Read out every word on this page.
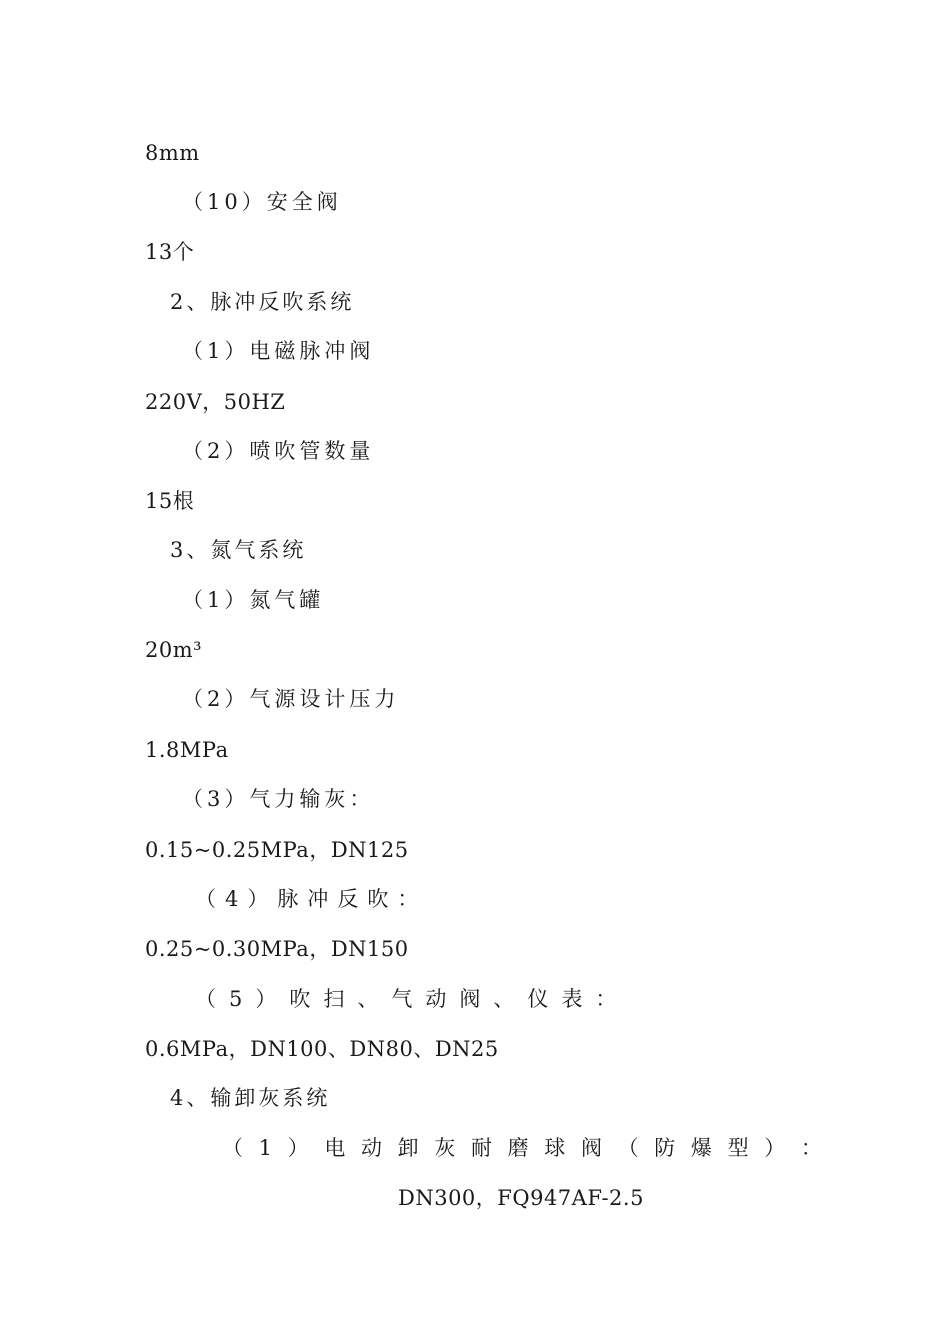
8mm
（10）安全阀
13个
2、脉冲反吹系统
（1）电磁脉冲阀
220V，50HZ
（2）喷吹管数量
15根
3、氮气系统
（1）氮气罐
20m³
（2）气源设计压力
1.8MPa
（3）气力输灰：
0.15~0.25MPa，DN125
（4）脉冲反吹：
0.25~0.30MPa，DN150
（5）吹扫、气动阀、仪表：
0.6MPa，DN100、DN80、DN25
4、输卸灰系统
（ 1 ） 电 动 卸 灰 耐 磨 球 阀 （ 防 爆 型 ） ：
DN300，FQ947AF-2.5
